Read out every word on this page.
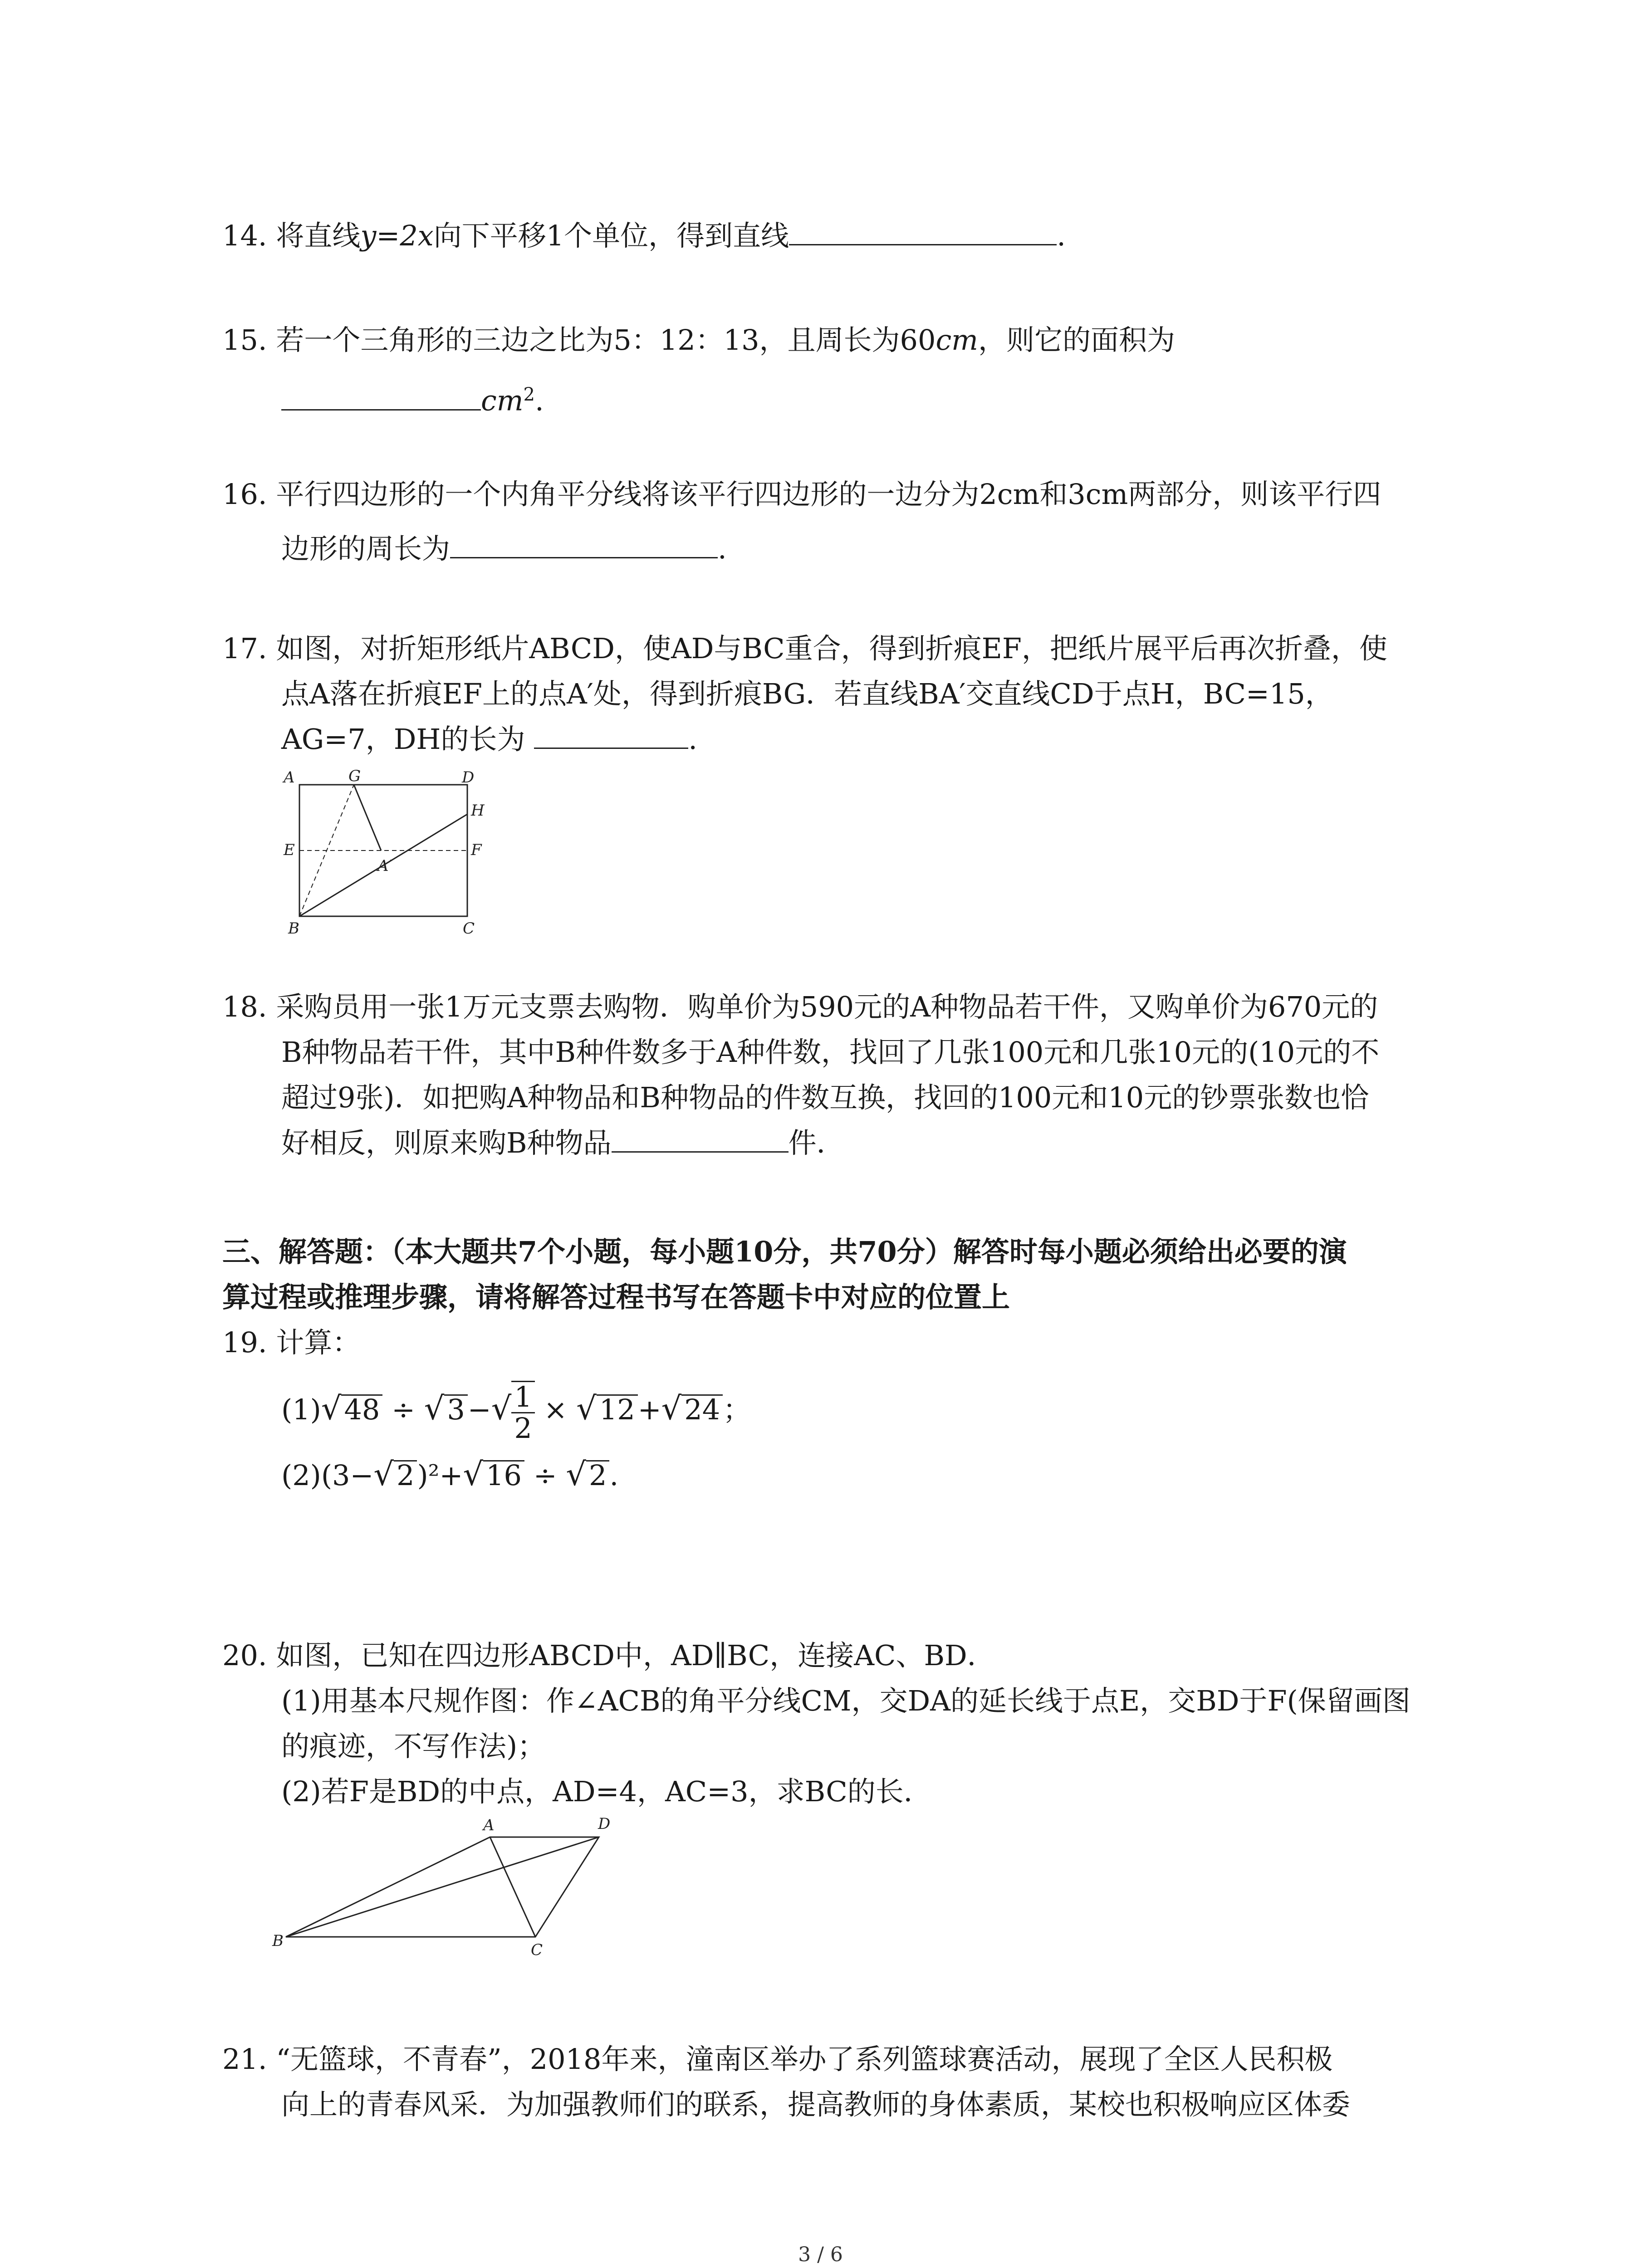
14. 将直线y=2x向下平移1个单位，得到直线	.
15. 若一个三角形的三边之比为5：12：13，且周长为60cm，则它的面积为
$cm^2$.
16. 平行四边形的一个内角平分线将该平行四边形的一边分为2cm和3cm两部分，则该平行四
边形的周长为	.
17. 如图，对折矩形纸片ABCD，使AD与BC重合，得到折痕EF，把纸片展平后再次折叠，使
点A落在折痕EF上的点A′处，得到折痕BG．若直线BA′交直线CD于点H，BC=15，
AG=7，DH的长为	.
A	G	D
H
E	F
A′
B	C
18. 采购员用一张1万元支票去购物．购单价为590元的A种物品若干件，又购单价为670元的
B种物品若干件，其中B种件数多于A种件数，找回了几张100元和几张10元的(10元的不
超过9张)．如把购A种物品和B种物品的件数互换，找回的100元和10元的钞票张数也恰
好相反，则原来购B种物品	件．
三、解答题：（本大题共7个小题，每小题10分，共70分）解答时每小题必须给出必要的演
算过程或推理步骤，请将解答过程书写在答题卡中对应的位置上
19. 计算：
$(1)√48 \div √3-√ \frac{1}{2} \times √12+√24$；
(2)(3−√2)²+√16 ÷ √2.
20. 如图，已知在四边形ABCD中，AD∥BC，连接AC、BD．
(1)用基本尺规作图：作∠ACB的角平分线CM，交DA的延长线于点E，交BD于F(保留画图
的痕迹，不写作法)；
(2)若F是BD的中点，AD=4，AC=3，求BC的长．
A	D
B	C
21. “无篮球，不青春”，2018年来，潼南区举办了系列篮球赛活动，展现了全区人民积极
向上的青春风采．为加强教师们的联系，提高教师的身体素质，某校也积极响应区体委
3 / 6
